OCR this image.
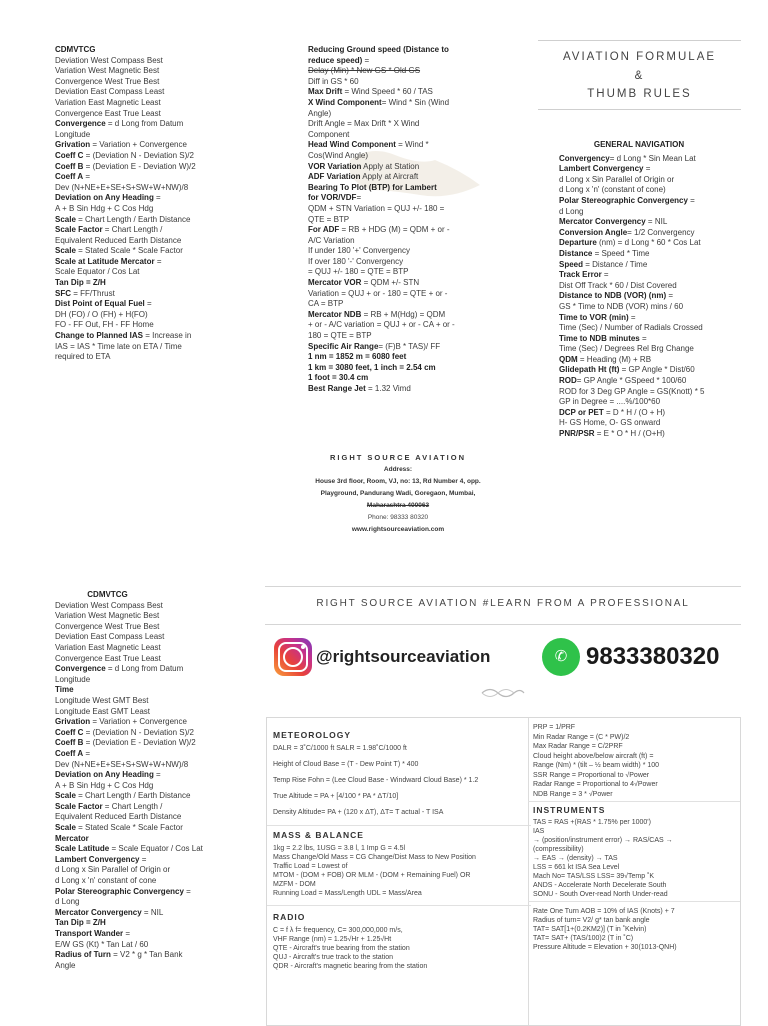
CDMVTCG
Deviation West Compass Best
Variation West Magnetic Best
Convergence West True Best
Deviation East Compass Least
Variation East Magnetic Least
Convergence East True Least
Convergence = d Long from Datum
Longitude
Grivation = Variation + Convergence
Coeff C = (Deviation N - Deviation S)/2
Coeff B = (Deviation E - Deviation W)/2
Coeff A =
Dev (N+NE+E+SE+S+SW+W+NW)/8
Deviation on Any Heading =
A + B Sin Hdg + C Cos Hdg
Scale = Chart Length / Earth Distance
Scale Factor = Chart Length /
Equivalent Reduced Earth Distance
Scale = Stated Scale * Scale Factor
Scale at Latitude Mercator =
Scale Equator / Cos Lat
Tan Dip = Z/H
SFC = FF/Thrust
Dist Point of Equal Fuel =
DH (FO) / O (FH) + H(FO)
FO - FF Out, FH - FF Home
Change to Planned IAS = Increase in
IAS = IAS * Time late on ETA / Time
required to ETA
Reducing Ground speed (Distance to
reduce speed) =
Delay (Min) * New GS * Old GS
Diff in GS * 60
Max Drift = Wind Speed * 60 / TAS
X Wind Component= Wind * Sin (Wind
Angle)
Drift Angle = Max Drift * X Wind
Component
Head Wind Component = Wind *
Cos(Wind Angle)
VOR Variation Apply at Station
ADF Variation Apply at Aircraft
Bearing To Plot (BTP) for Lambert
for VOR/VDF=
QDM + STN Variation = QUJ +/- 180 =
QTE = BTP
For ADF = RB + HDG (M) = QDM + or -
A/C Variation
If under 180 '+' Convergency
If over 180 '-' Convergency
= QUJ +/- 180 = QTE = BTP
Mercator VOR = QDM +/- STN
Variation = QUJ + or - 180 = QTE + or -
CA = BTP
Mercator NDB = RB + M(Hdg) = QDM
+ or - A/C variation = QUJ + or - CA + or -
180 = QTE = BTP
Specific Air Range= (F)B * TAS)/ FF
1 nm = 1852 m = 6080 feet
1 km = 3080 feet, 1 inch = 2.54 cm
1 foot = 30.4 cm
Best Range Jet = 1.32 Vimd
AVIATION FORMULAE
&
THUMB RULES
GENERAL NAVIGATION
Convergency= d Long * Sin Mean Lat
Lambert Convergency =
d Long x Sin Parallel of Origin or
d Long x 'n' (constant of cone)
Polar Stereographic Convergency =
d Long
Mercator Convergency = NIL
Conversion Angle= 1/2 Convergency
Departure (nm) = d Long * 60 * Cos Lat
Distance = Speed * Time
Speed = Distance / Time
Track Error =
Dist Off Track * 60 / Dist Covered
Distance to NDB (VOR) (nm) =
GS * Time to NDB (VOR) mins / 60
Time to VOR (min) =
Time (Sec) / Number of Radials Crossed
Time to NDB minutes =
Time (Sec) / Degrees Rel Brg Change
QDM = Heading (M) + RB
Glidepath Ht (ft) = GP Angle * Dist/60
ROD= GP Angle * GSpeed * 100/60
ROD for 3 Deg GP Angle = GS(Knott) * 5
GP in Degree = ....%/100*60
DCP or PET = D * H / (O + H)
H- GS Home, O- GS onward
PNR/PSR = E * O * H / (O+H)
RIGHT SOURCE AVIATION
Address:
House 3rd floor, Room, VJ, no: 13, Rd Number 4, opp.
Playground, Pandurang Wadi, Goregaon, Mumbai,
Maharashtra 400063
Phone: 98333 80320
www.rightsourceaviation.com
CDMVTCG
Deviation West Compass Best
Variation West Magnetic Best
Convergence West True Best
Deviation East Compass Least
Variation East Magnetic Least
Convergence East True Least
Convergence = d Long from Datum
Longitude
Time
Longitude West GMT Best
Longitude East GMT Least
Grivation = Variation + Convergence
Coeff C = (Deviation N - Deviation S)/2
Coeff B = (Deviation E - Deviation W)/2
Coeff A =
Dev (N+NE+E+SE+S+SW+W+NW)/8
Deviation on Any Heading =
A + B Sin Hdg + C Cos Hdg
Scale = Chart Length / Earth Distance
Scale Factor = Chart Length /
Equivalent Reduced Earth Distance
Scale = Stated Scale * Scale Factor
Mercator
Scale Latitude = Scale Equator / Cos Lat
Lambert Convergency =
d Long x Sin Parallel of Origin or
d Long x 'n' constant of cone
Polar Stereographic Convergency =
d Long
Mercator Convergency = NIL
Tan Dip = Z/H
Transport Wander =
E/W GS (Kt) * Tan Lat / 60
Radius of Turn = V2 * g * Tan Bank
Angle
RIGHT SOURCE AVIATION #LEARN FROM A PROFESSIONAL
@rightsourceaviation	✆ 9833380320
METEOROLOGY
DALR = 3˚C/1000 ft SALR = 1.98˚C/1000 ft
Height of Cloud Base = (T - Dew Point T) * 400
Temp Rise Fohn = (Lee Cloud Base - Windward Cloud Base) * 1.2
True Altitude = PA + [4/100 * PA * ΔT/10]
Density Altitude= PA + (120 x ΔT), ΔT= T actual - T ISA
MASS & BALANCE
1kg = 2.2 lbs, 1USG = 3.8 l, 1 Imp G = 4.5l
Mass Change/Old Mass = CG Change/Dist Mass to New Position
Traffic Load = Lowest of
MTOM - (DOM + FOB) OR MLM - (DOM + Remaining Fuel) OR
MZFM - DOM
Running Load = Mass/Length UDL = Mass/Area
RADIO
C = f λ f= frequency, C= 300,000,000 m/s,
VHF Range (nm) = 1.25√Hr + 1.25√Ht
QTE - Aircraft's true bearing from the station
QUJ - Aircraft's true track to the station
QDR - Aircraft's magnetic bearing from the station
PRP = 1/PRF
Min Radar Range = (C * PW)/2
Max Radar Range = C/2PRF
Cloud height above/below aircraft (ft) =
Range (Nm) * (tilt – ½ beam width) * 100
SSR Range = Proportional to √Power
Radar Range = Proportional to 4√Power
NDB Range = 3 * √Power
INSTRUMENTS
TAS = RAS +(RAS * 1.75% per 1000')
IAS
→ (position/instrument error) → RAS/CAS →
(compressibility)
→ EAS → (density) → TAS
LSS = 661 kt ISA Sea Level
Mach No= TAS/LSS LSS= 39√Temp ˚K
ANDS - Accelerate North Decelerate South
SONU - South Over-read North Under-read
Rate One Turn AOB = 10% of IAS (Knots) + 7
Radius of turn= V2/ g* tan bank angle
TAT= SAT[1+(0.2KM2)] (T in ˚Kelvin)
TAT= SAT+ (TAS/100)2 (T in ˚C)
Pressure Altitude = Elevation + 30(1013-QNH)
